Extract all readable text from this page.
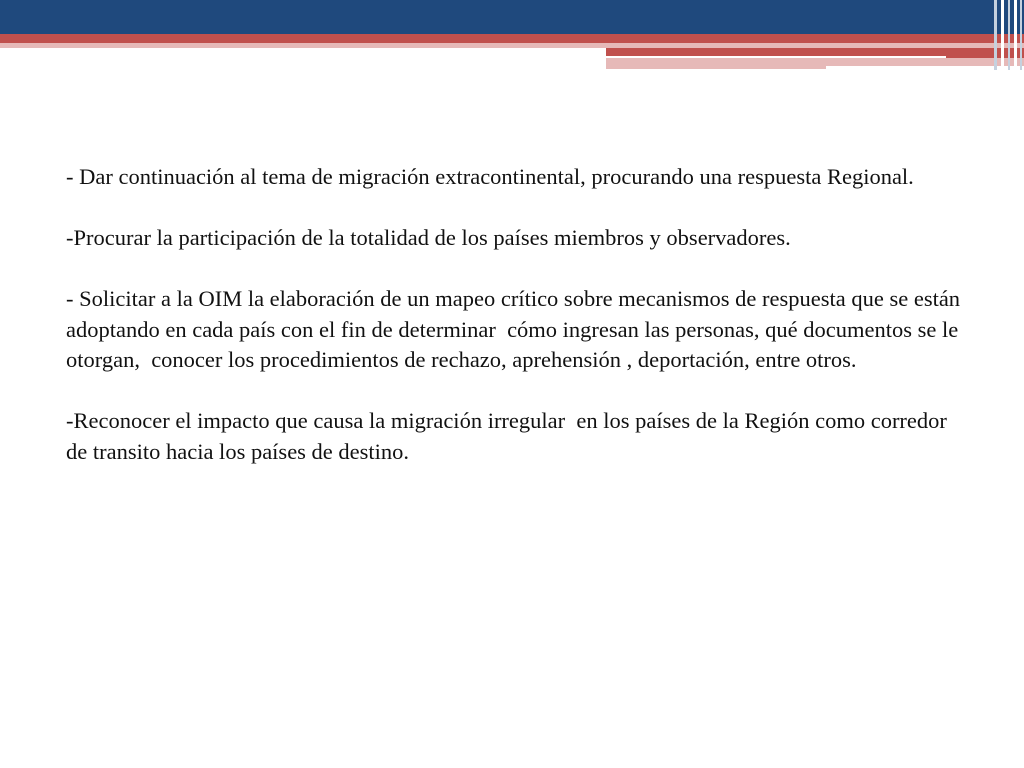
- Dar continuación al tema de migración extracontinental, procurando una respuesta Regional.

-Procurar la participación de la totalidad de los países miembros y observadores.

- Solicitar a la OIM la elaboración de un mapeo crítico sobre mecanismos de respuesta que se están adoptando en cada país con el fin de determinar  cómo ingresan las personas, qué documentos se le otorgan,  conocer los procedimientos de rechazo, aprehensión , deportación, entre otros.

-Reconocer el impacto que causa la migración irregular  en los países de la Región como corredor de transito hacia los países de destino.
